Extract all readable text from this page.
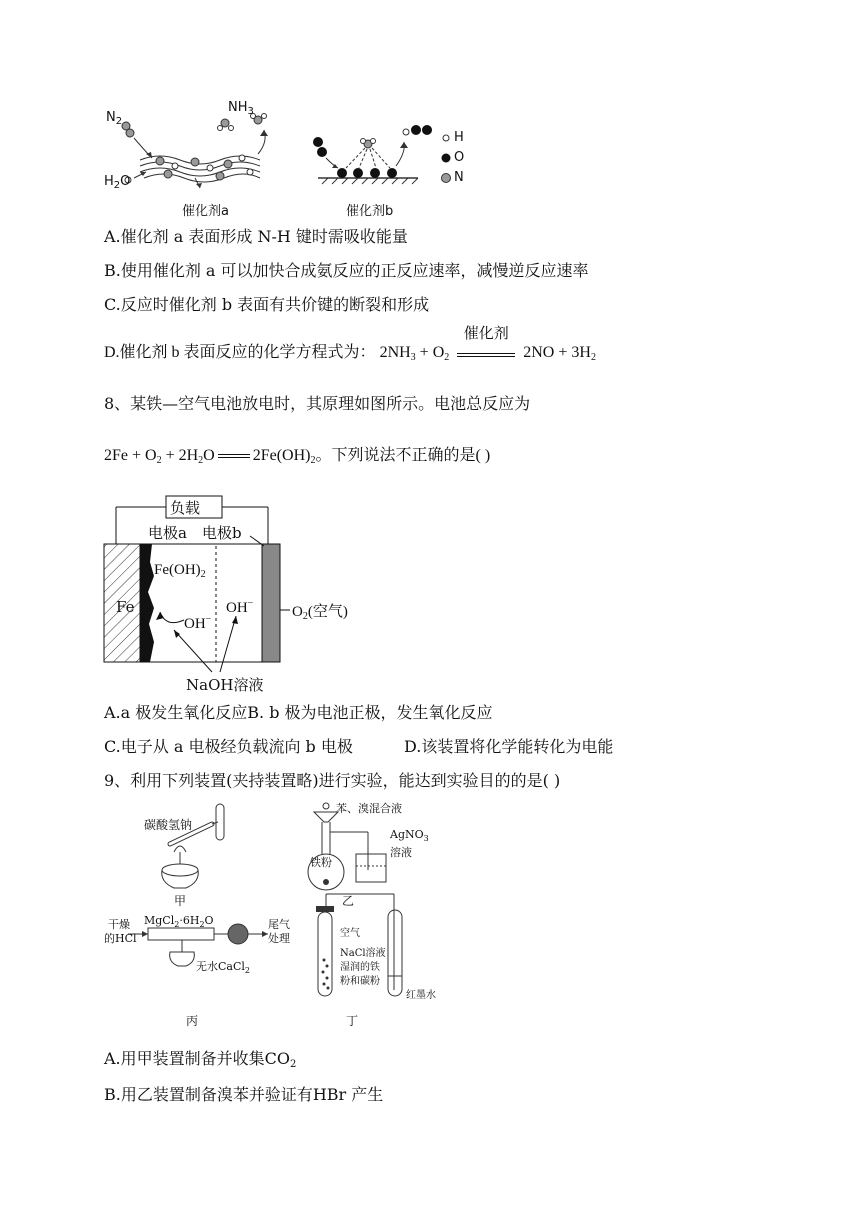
$N_2$
$NH_3$
$H_2O$
催化剂a	催化剂b
H
O
N
A.催化剂 a 表面形成 N-H 键时需吸收能量
B.使用催化剂 a 可以加快合成氨反应的正反应速率，减慢逆反应速率
C.反应时催化剂 b 表面有共价键的断裂和形成
D.催化剂 b 表面反应的化学方程式为： $2NH_3 + O_2$
催化剂
$2NO + 3H_2$
8、某铁—空气电池放电时，其原理如图所示。电池总反应为
$2Fe + O_2 + 2H_2O$ $2Fe(OH)_2$。下列说法不正确的是( )
负载
电极a 电极b
Fe
$Fe(OH)_2$
OH−
OH−
$O_2$(空气)
NaOH溶液
A.a 极发生氧化反应B. b 极为电池正极，发生氧化反应
C.电子从 a 电极经负载流向 b 电极	D.该装置将化学能转化为电能
9、利用下列装置(夹持装置略)进行实验，能达到实验目的的是( )
碳酸氢钠
甲
苯、溴混合液
铁粉
AgNO$_3$
溶液
乙
干燥
的HCl
$MgCl_2\cdot 6H_2O$	尾气
处理
无水CaCl$_2$
丙
空气
NaCl溶液
湿润的铁
粉和碳粉
红墨水
丁
A.用甲装置制备并收集$CO_2$
B.用乙装置制备溴苯并验证有HBr 产生
